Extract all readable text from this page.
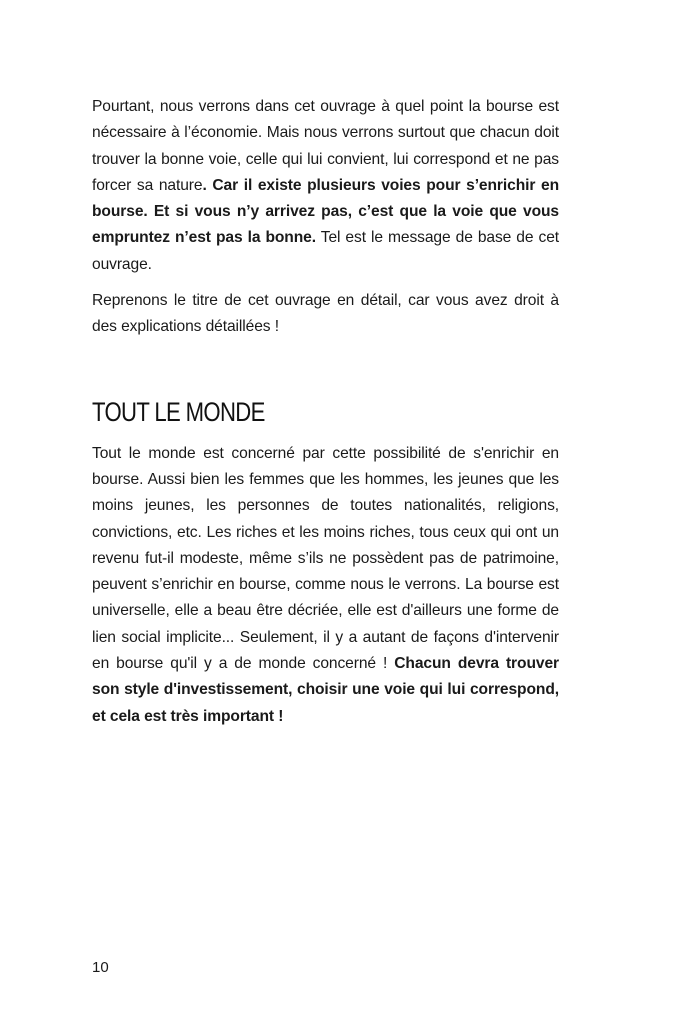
Pourtant, nous verrons dans cet ouvrage à quel point la bourse est nécessaire à l’économie. Mais nous verrons surtout que chacun doit trouver la bonne voie, celle qui lui convient, lui correspond et ne pas forcer sa nature. Car il existe plusieurs voies pour s’enrichir en bourse. Et si vous n’y arrivez pas, c’est que la voie que vous empruntez n’est pas la bonne. Tel est le message de base de cet ouvrage.

Reprenons le titre de cet ouvrage en détail, car vous avez droit à des explications détaillées !

TOUT LE MONDE

Tout le monde est concerné par cette possibilité de s'enrichir en bourse. Aussi bien les femmes que les hommes, les jeunes que les moins jeunes, les personnes de toutes nationalités, religions, convictions, etc. Les riches et les moins riches, tous ceux qui ont un revenu fut-il modeste, même s’ils ne possèdent pas de patrimoine, peuvent s’enrichir en bourse, comme nous le verrons. La bourse est universelle, elle a beau être décriée, elle est d'ailleurs une forme de lien social implicite... Seulement, il y a autant de façons d'intervenir en bourse qu'il y a de monde concerné ! Chacun devra trouver son style d'investissement, choisir une voie qui lui correspond, et cela est très important !

10
